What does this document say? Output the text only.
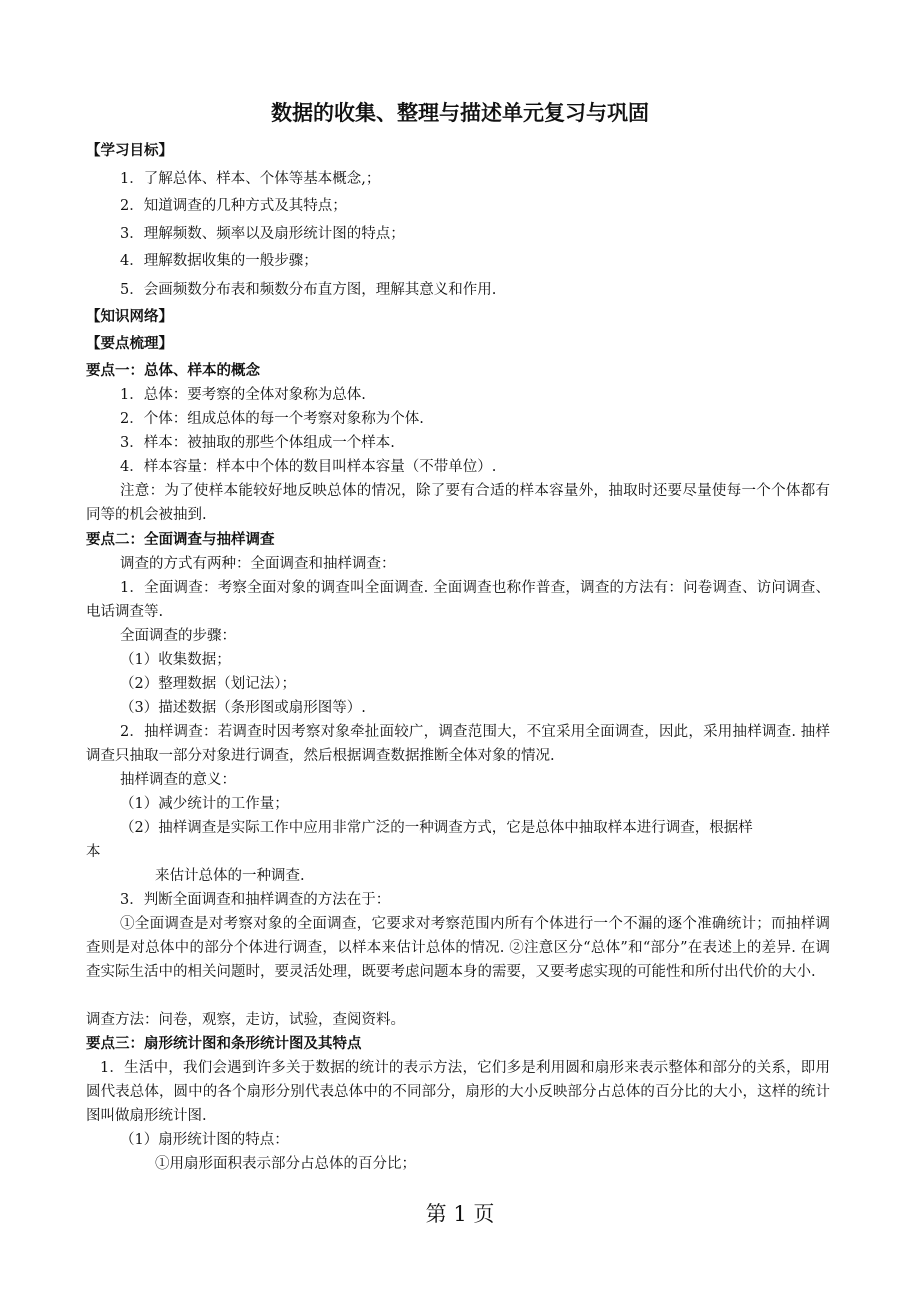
数据的收集、整理与描述单元复习与巩固
【学习目标】
1．了解总体、样本、个体等基本概念,；
2．知道调查的几种方式及其特点；
3．理解频数、频率以及扇形统计图的特点；
4．理解数据收集的一般步骤；
5．会画频数分布表和频数分布直方图，理解其意义和作用.
【知识网络】
【要点梳理】
要点一：总体、样本的概念
1．总体：要考察的全体对象称为总体.
2．个体：组成总体的每一个考察对象称为个体.
3．样本：被抽取的那些个体组成一个样本.
4．样本容量：样本中个体的数目叫样本容量（不带单位）.
注意：为了使样本能较好地反映总体的情况，除了要有合适的样本容量外，抽取时还要尽量使每一个个体都有同等的机会被抽到.
要点二：全面调查与抽样调查
调查的方式有两种：全面调查和抽样调查：
1．全面调查：考察全面对象的调查叫全面调查. 全面调查也称作普查，调查的方法有：问卷调查、访问调查、电话调查等.
全面调查的步骤：
（1）收集数据；
（2）整理数据（划记法）；
（3）描述数据（条形图或扇形图等）.
2．抽样调查：若调查时因考察对象牵扯面较广，调查范围大，不宜采用全面调查，因此，采用抽样调查. 抽样调查只抽取一部分对象进行调查，然后根据调查数据推断全体对象的情况.
抽样调查的意义：
（1）减少统计的工作量；
（2）抽样调查是实际工作中应用非常广泛的一种调查方式，它是总体中抽取样本进行调查，根据样
本
来估计总体的一种调查.
3．判断全面调查和抽样调查的方法在于：
①全面调查是对考察对象的全面调查，它要求对考察范围内所有个体进行一个不漏的逐个准确统计；而抽样调查则是对总体中的部分个体进行调查，以样本来估计总体的情况. ②注意区分“总体”和“部分”在表述上的差异. 在调查实际生活中的相关问题时，要灵活处理，既要考虑问题本身的需要，又要考虑实现的可能性和所付出代价的大小.
调查方法：问卷，观察，走访，试验，查阅资料。
要点三：扇形统计图和条形统计图及其特点
1．生活中，我们会遇到许多关于数据的统计的表示方法，它们多是利用圆和扇形来表示整体和部分的关系，即用圆代表总体，圆中的各个扇形分别代表总体中的不同部分，扇形的大小反映部分占总体的百分比的大小，这样的统计图叫做扇形统计图.
（1）扇形统计图的特点：
①用扇形面积表示部分占总体的百分比；
第 1 页
